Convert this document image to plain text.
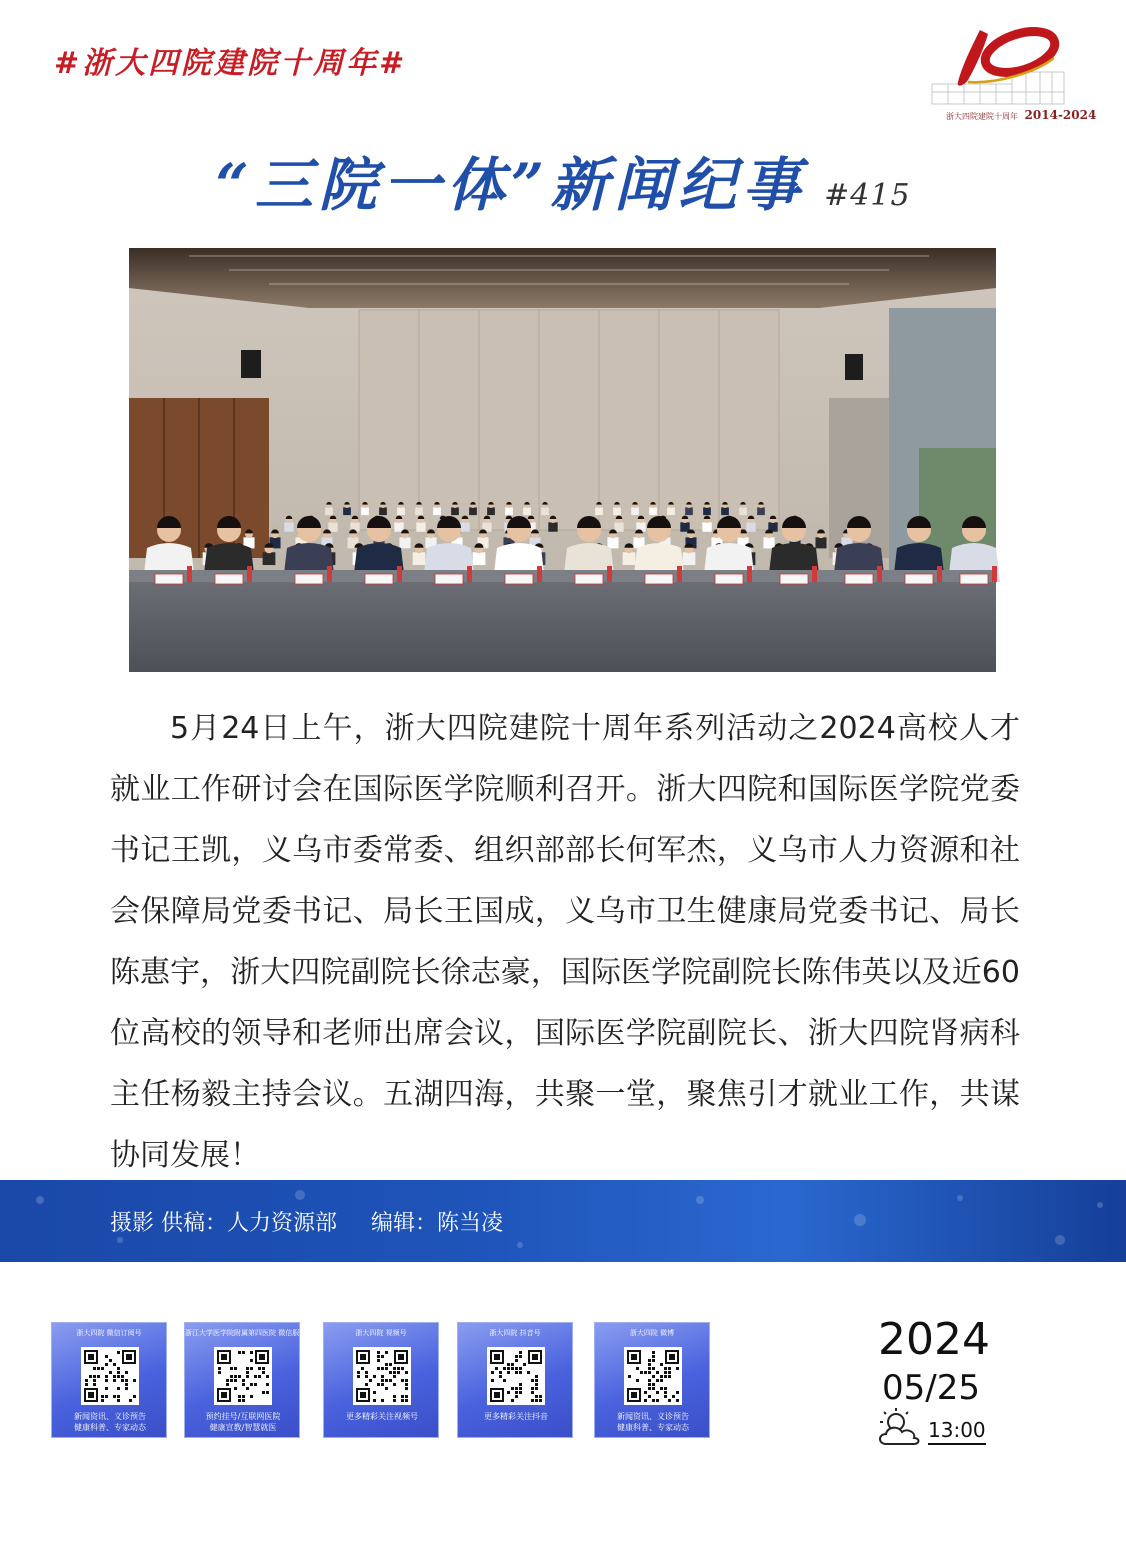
#浙大四院建院十周年#
浙大四院建院十周年 2014-2024
“三院一体”新闻纪事 #415
5月24日上午，浙大四院建院十周年系列活动之2024高校人才就业工作研讨会在国际医学院顺利召开。浙大四院和国际医学院党委书记王凯，义乌市委常委、组织部部长何军杰，义乌市人力资源和社会保障局党委书记、局长王国成，义乌市卫生健康局党委书记、局长陈惠宇，浙大四院副院长徐志豪，国际医学院副院长陈伟英以及近60位高校的领导和老师出席会议，国际医学院副院长、浙大四院肾病科主任杨毅主持会议。五湖四海，共聚一堂，聚焦引才就业工作，共谋协同发展！
摄影 供稿：人力资源部 编辑：陈当凌
浙大四院 微信订阅号
新闻资讯、义诊预告
健康科普、专家动态
浙江大学医学院附属第四医院 微信服务号
预约挂号/互联网医院
健康宣教/智慧就医
浙大四院 视频号
更多精彩关注视频号
浙大四院 抖音号
更多精彩关注抖音
浙大四院 微博
新闻资讯、义诊预告
健康科普、专家动态
2024
05/25
13:00
